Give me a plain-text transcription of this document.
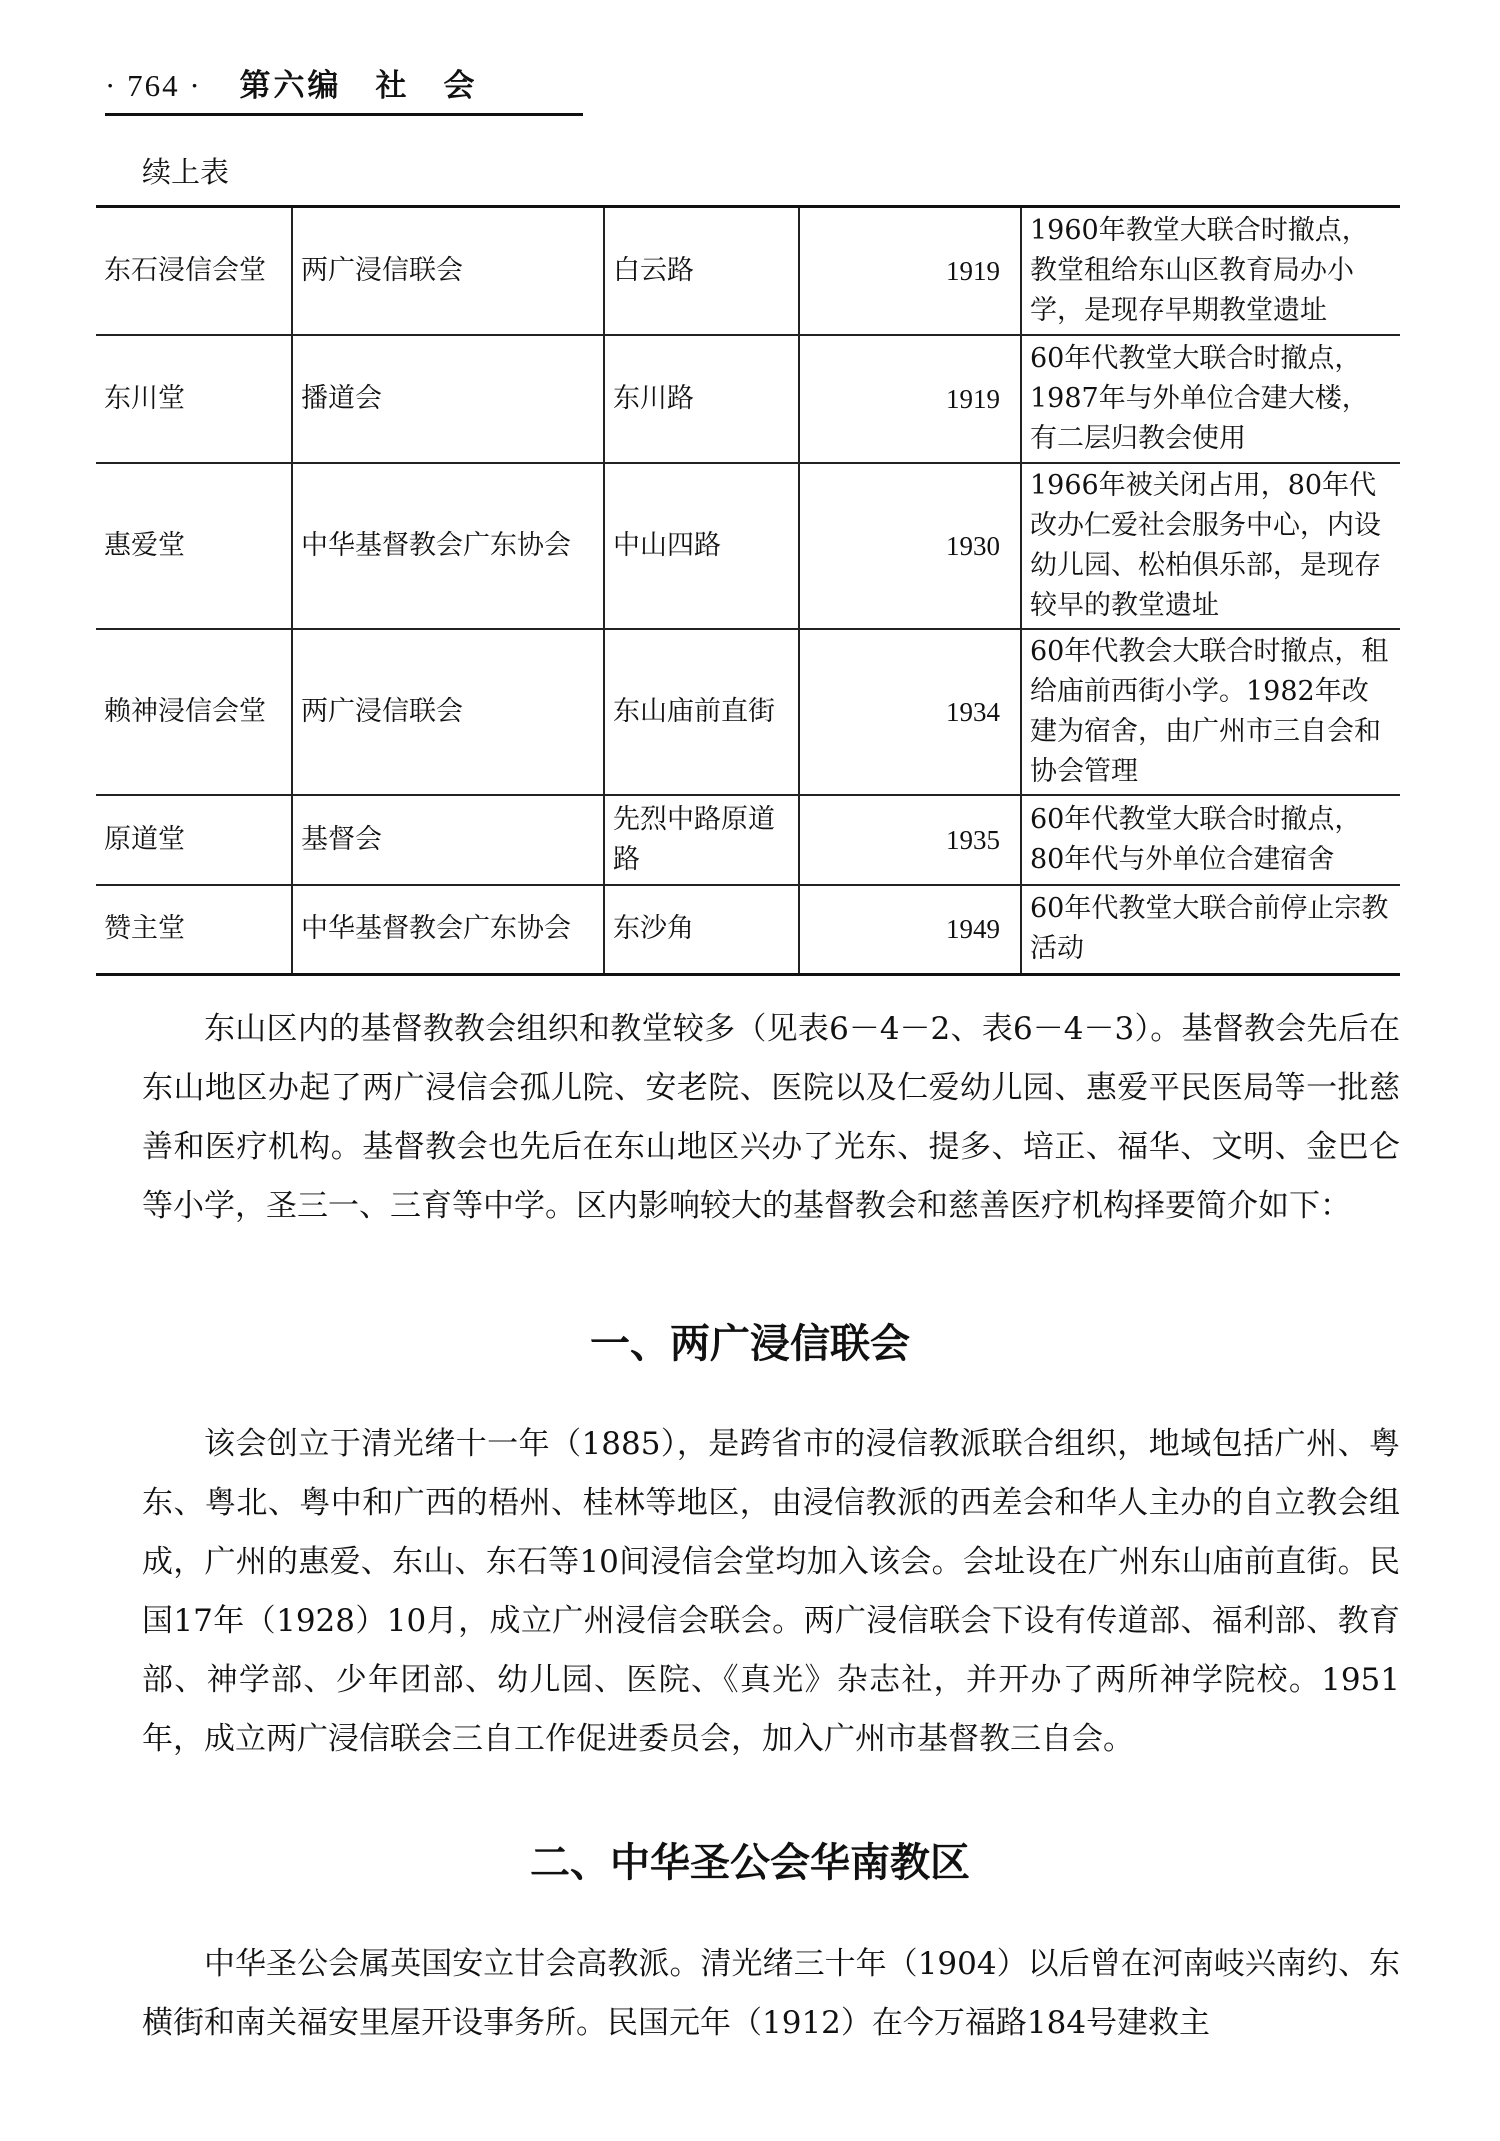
· 764 · 第六编　社　会
续上表
东石浸信会堂	两广浸信联会	白云路	1919	1960年教堂大联合时撤点，教堂租给东山区教育局办小学，是现存早期教堂遗址
东川堂	播道会	东川路	1919	60年代教堂大联合时撤点，1987年与外单位合建大楼，有二层归教会使用
惠爱堂	中华基督教会广东协会	中山四路	1930	1966年被关闭占用，80年代改办仁爱社会服务中心，内设幼儿园、松柏俱乐部，是现存较早的教堂遗址
赖神浸信会堂	两广浸信联会	东山庙前直街	1934	60年代教会大联合时撤点，租给庙前西街小学。1982年改建为宿舍，由广州市三自会和协会管理
原道堂	基督会	先烈中路原道路	1935	60年代教堂大联合时撤点，80年代与外单位合建宿舍
赞主堂	中华基督教会广东协会	东沙角	1949	60年代教堂大联合前停止宗教活动

东山区内的基督教教会组织和教堂较多（见表6－4－2、表6－4－3）。基督教会先后在东山地区办起了两广浸信会孤儿院、安老院、医院以及仁爱幼儿园、惠爱平民医局等一批慈善和医疗机构。基督教会也先后在东山地区兴办了光东、提多、培正、福华、文明、金巴仑等小学，圣三一、三育等中学。区内影响较大的基督教会和慈善医疗机构择要简介如下：

一、两广浸信联会

该会创立于清光绪十一年（1885），是跨省市的浸信教派联合组织，地域包括广州、粤东、粤北、粤中和广西的梧州、桂林等地区，由浸信教派的西差会和华人主办的自立教会组成，广州的惠爱、东山、东石等10间浸信会堂均加入该会。会址设在广州东山庙前直街。民国17年（1928）10月，成立广州浸信会联会。两广浸信联会下设有传道部、福利部、教育部、神学部、少年团部、幼儿园、医院、《真光》杂志社，并开办了两所神学院校。1951年，成立两广浸信联会三自工作促进委员会，加入广州市基督教三自会。

二、中华圣公会华南教区

中华圣公会属英国安立甘会高教派。清光绪三十年（1904）以后曾在河南岐兴南约、东横街和南关福安里屋开设事务所。民国元年（1912）在今万福路184号建救主
